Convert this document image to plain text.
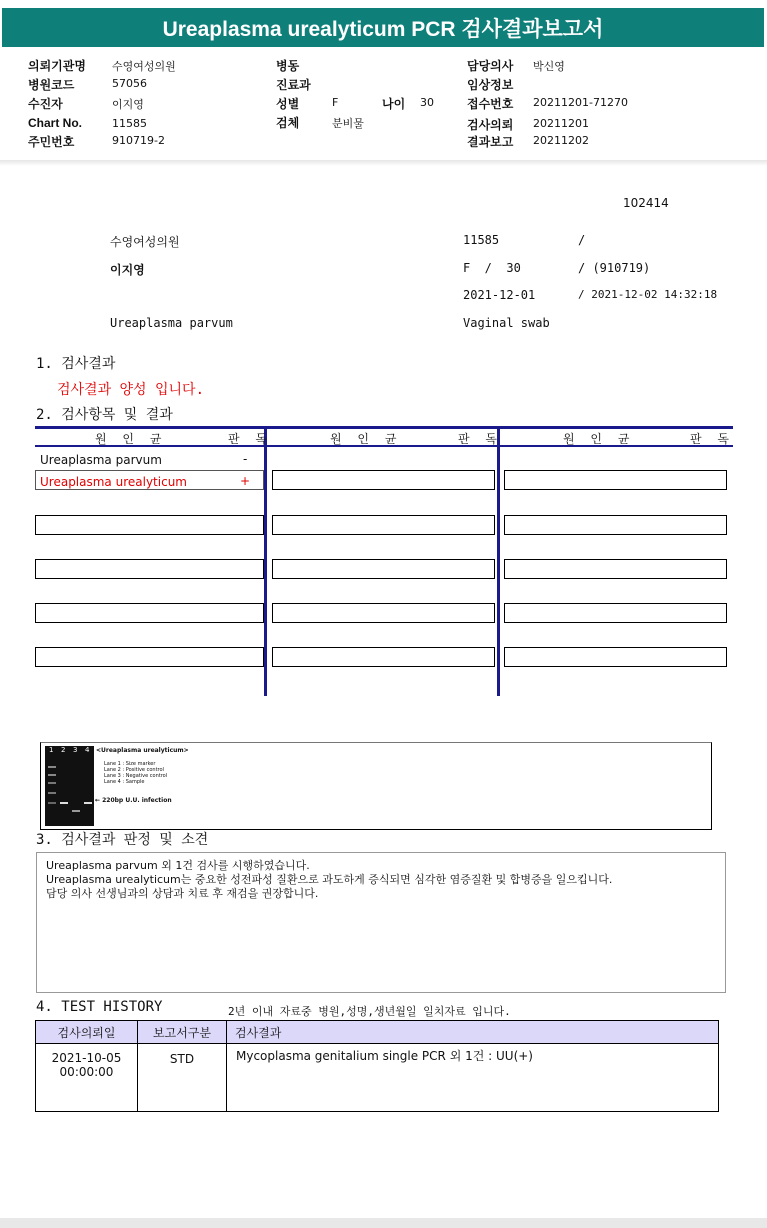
Ureaplasma urealyticum PCR 검사결과보고서
의뢰기관명 수영여성의원
병원코드	57056
수진자	이지영
Chart No.	11585
주민번호	910719-2
병동
진료과
성별	F	나이 30
검체	분비물
담당의사 박신영
임상정보
접수번호 20211201-71270
검사의뢰 20211201
결과보고 20211202
102414
수영여성의원	11585	/
이지영	F  /  30	/ (910719)
2021-12-01	/ 2021-12-02 14:32:18
Ureaplasma parvum	Vaginal swab
1. 검사결과
검사결과 양성 입니다.
2. 검사항목 및 결과
원 인 균	판 독	원 인 균	판 독	원 인 균	판 독
Ureaplasma parvum	-
Ureaplasma urealyticum	+
1 2 3 4 <Ureaplasma urealyticum>
Lane 1 : Size marker
Lane 2 : Positive control
Lane 3 : Negative control
Lane 4 : Sample
← 220bp U.U. infection
3. 검사결과 판정 및 소견
Ureaplasma parvum 외 1건 검사를 시행하였습니다.
Ureaplasma urealyticum는 중요한 성전파성 질환으로 과도하게 증식되면 심각한 염증질환 및 합병증을 일으킵니다.
담당 의사 선생님과의 상담과 치료 후 재검을 권장합니다.
4. TEST HISTORY	2년 이내 자료중 병원,성명,생년월일 일치자료 입니다.
검사의뢰일	보고서구분	검사결과

2021-10-05
00:00:00	STD	Mycoplasma genitalium single PCR 외 1건 : UU(+)
